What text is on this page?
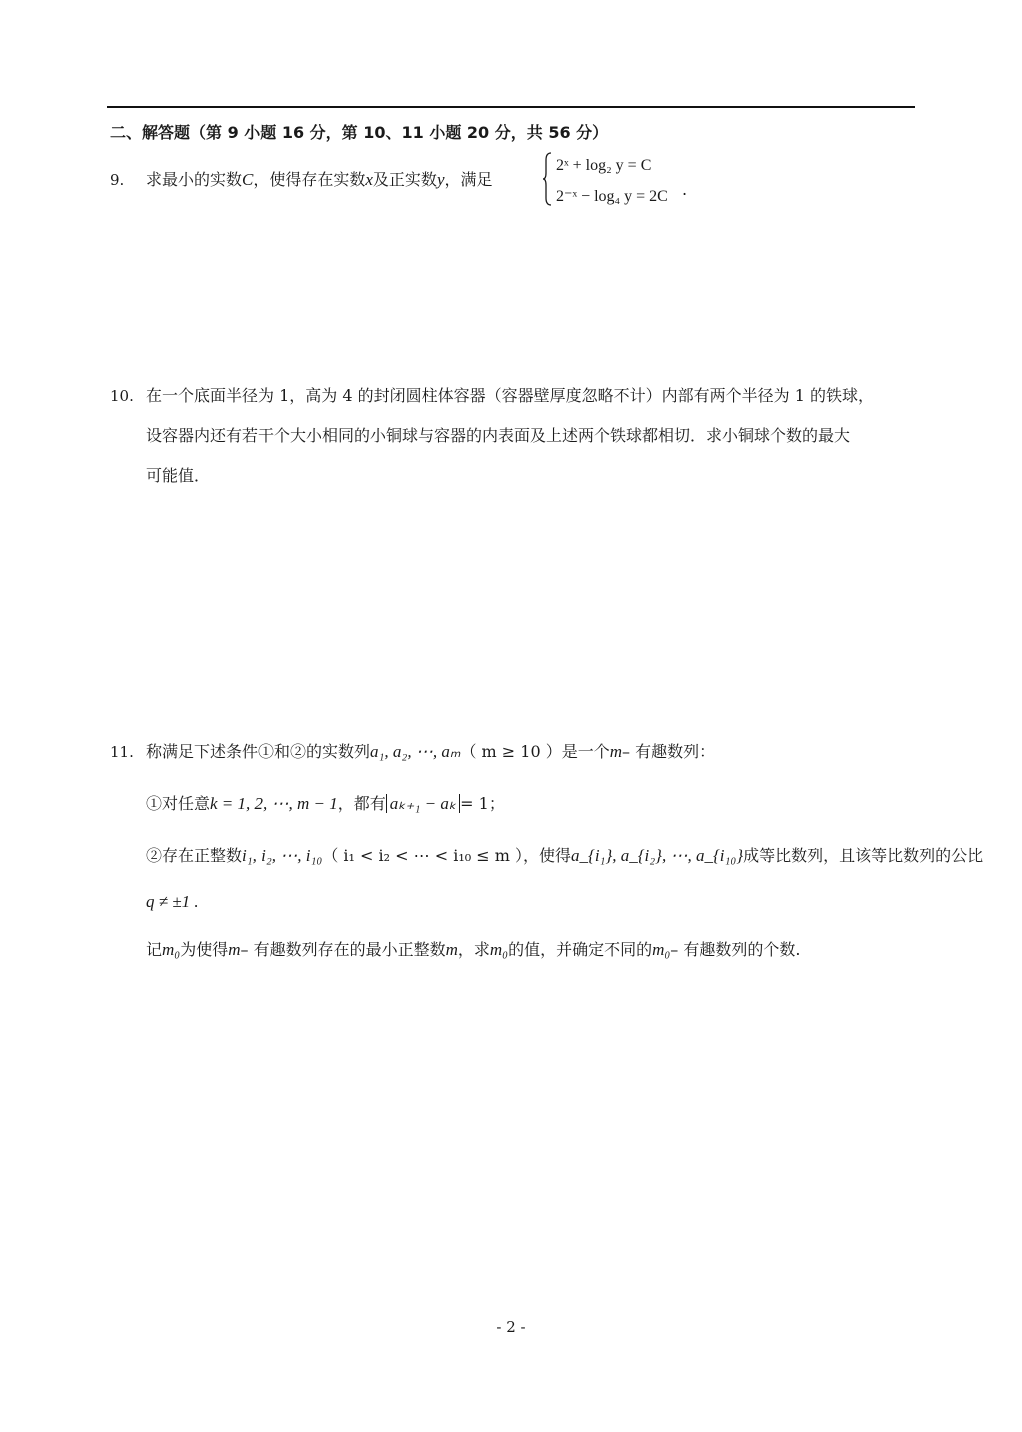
二、解答题（第 9 小题 16 分，第 10、11 小题 20 分，共 56 分）
9. 求最小的实数C，使得存在实数x及正实数y，满足
2ˣ + log₂ y = C
2⁻ˣ − log₄ y = 2C .
10. 在一个底面半径为 1，高为 4 的封闭圆柱体容器（容器壁厚度忽略不计）内部有两个半径为 1 的铁球，
设容器内还有若干个大小相同的小铜球与容器的内表面及上述两个铁球都相切．求小铜球个数的最大
可能值．
11. 称满足下述条件①和②的实数列a₁, a₂, ⋯, aₘ（ m ≥ 10 ）是一个m– 有趣数列：
①对任意k = 1, 2, ⋯, m − 1，都有 aₖ₊₁ − aₖ = 1；
②存在正整数i₁, i₂, ⋯, i₁₀（ i₁ < i₂ < ⋯ < i₁₀ ≤ m ），使得a_{i₁}, a_{i₂}, ⋯, a_{i₁₀}成等比数列，且该等比数列的公比
q ≠ ±1 .
记m₀为使得m– 有趣数列存在的最小正整数m，求m₀的值，并确定不同的m₀– 有趣数列的个数.
- 2 -
